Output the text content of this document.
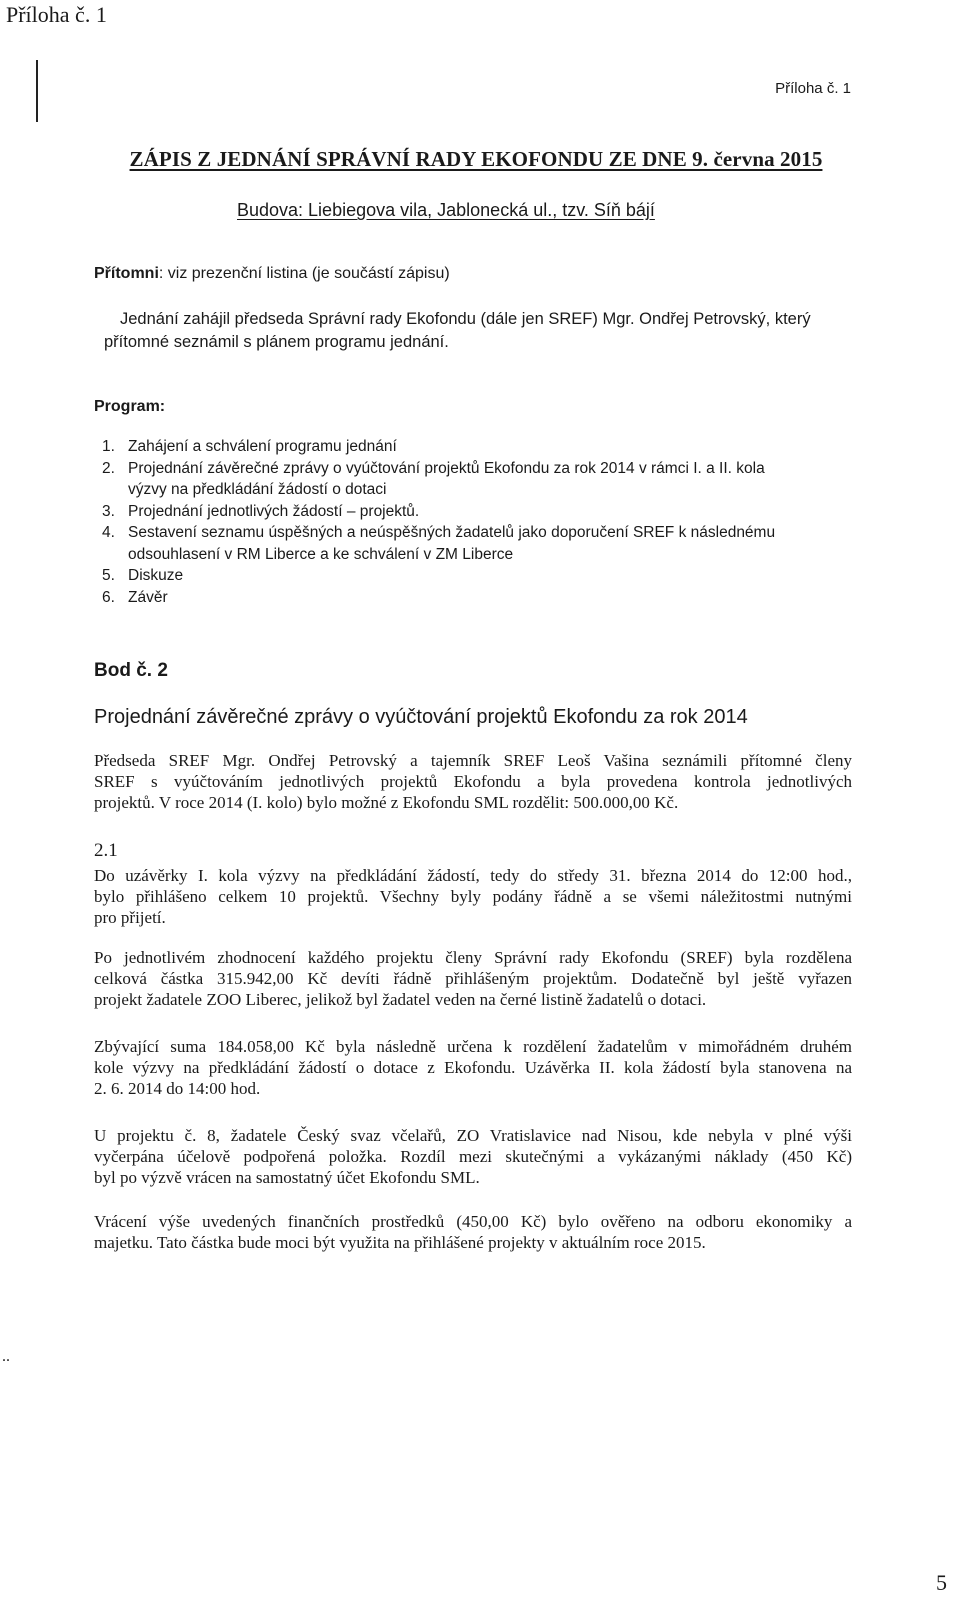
Příloha č. 1
Příloha č. 1
ZÁPIS Z JEDNÁNÍ SPRÁVNÍ RADY EKOFONDU ZE DNE 9. června 2015
Budova: Liebiegova vila, Jablonecká ul., tzv. Síň bájí
Přítomni: viz prezenční listina (je součástí zápisu)
Jednání zahájil předseda Správní rady Ekofondu (dále jen SREF) Mgr. Ondřej Petrovský, který
přítomné seznámil s plánem programu jednání.
Program:
1. Zahájení a schválení programu jednání
2. Projednání závěrečné zprávy o vyúčtování projektů Ekofondu za rok 2014 v rámci I. a II. kola
výzvy na předkládání žádostí o dotaci
3. Projednání jednotlivých žádostí – projektů.
4. Sestavení seznamu úspěšných a neúspěšných žadatelů jako doporučení SREF k následnému
odsouhlasení v RM Liberce a ke schválení v ZM Liberce
5. Diskuze
6. Závěr
Bod č. 2
Projednání závěrečné zprávy o vyúčtování projektů Ekofondu za rok 2014
Předseda SREF Mgr. Ondřej Petrovský a tajemník SREF Leoš Vašina seznámili přítomné členy
SREF s vyúčtováním jednotlivých projektů Ekofondu a byla provedena kontrola jednotlivých
projektů. V roce 2014 (I. kolo) bylo možné z Ekofondu SML rozdělit: 500.000,00 Kč.
2.1
Do uzávěrky I. kola výzvy na předkládání žádostí, tedy do středy 31. března 2014 do 12:00 hod.,
bylo přihlášeno celkem 10 projektů. Všechny byly podány řádně a se všemi náležitostmi nutnými
pro přijetí.
Po jednotlivém zhodnocení každého projektu členy Správní rady Ekofondu (SREF) byla rozdělena
celková částka 315.942,00 Kč devíti řádně přihlášeným projektům. Dodatečně byl ještě vyřazen
projekt žadatele ZOO Liberec, jelikož byl žadatel veden na černé listině žadatelů o dotaci.
Zbývající suma 184.058,00 Kč byla následně určena k rozdělení žadatelům v mimořádném druhém
kole výzvy na předkládání žádostí o dotace z Ekofondu. Uzávěrka II. kola žádostí byla stanovena na
2. 6. 2014 do 14:00 hod.
U projektu č. 8, žadatele Český svaz včelařů, ZO Vratislavice nad Nisou, kde nebyla v plné výši
vyčerpána účelově podpořená položka. Rozdíl mezi skutečnými a vykázanými náklady (450 Kč)
byl po výzvě vrácen na samostatný účet Ekofondu SML.
Vrácení výše uvedených finančních prostředků (450,00 Kč) bylo ověřeno na odboru ekonomiky a
majetku. Tato částka bude moci být využita na přihlášené projekty v aktuálním roce 2015.
..
5
